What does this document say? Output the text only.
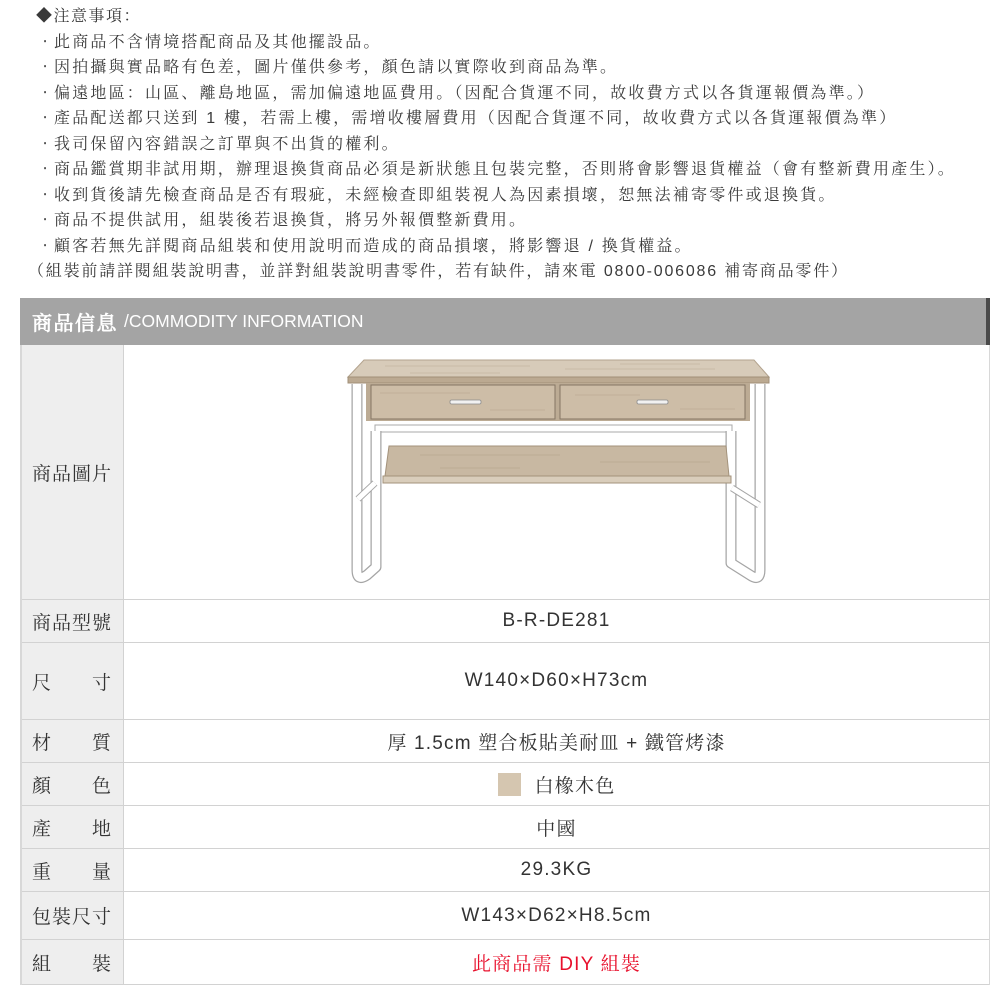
◆注意事項：
‧ 此商品不含情境搭配商品及其他擺設品。
‧ 因拍攝與實品略有色差，圖片僅供參考，顏色請以實際收到商品為準。
‧ 偏遠地區：山區、離島地區，需加偏遠地區費用。（因配合貨運不同，故收費方式以各貨運報價為準。）
‧ 產品配送都只送到 1 樓，若需上樓，需增收樓層費用（因配合貨運不同，故收費方式以各貨運報價為準）
‧ 我司保留內容錯誤之訂單與不出貨的權利。
‧ 商品鑑賞期非試用期，辦理退換貨商品必須是新狀態且包裝完整，否則將會影響退貨權益（會有整新費用產生）。
‧ 收到貨後請先檢查商品是否有瑕疵，未經檢查即組裝視人為因素損壞，恕無法補寄零件或退換貨。
‧ 商品不提供試用，組裝後若退換貨，將另外報價整新費用。
‧ 顧客若無先詳閱商品組裝和使用說明而造成的商品損壞，將影響退 / 換貨權益。
（組裝前請詳閱組裝說明書，並詳對組裝說明書零件，若有缺件，請來電 0800-006086 補寄商品零件）
商品信息 /COMMODITY INFORMATION
商品圖片
商品型號	B-R-DE281
尺　　寸	W140×D60×H73cm
材　　質	厚 1.5cm 塑合板貼美耐皿 + 鐵管烤漆
顏　　色	白橡木色
產　　地	中國
重　　量	29.3KG
包裝尺寸	W143×D62×H8.5cm
組　　裝	此商品需 DIY 組裝
